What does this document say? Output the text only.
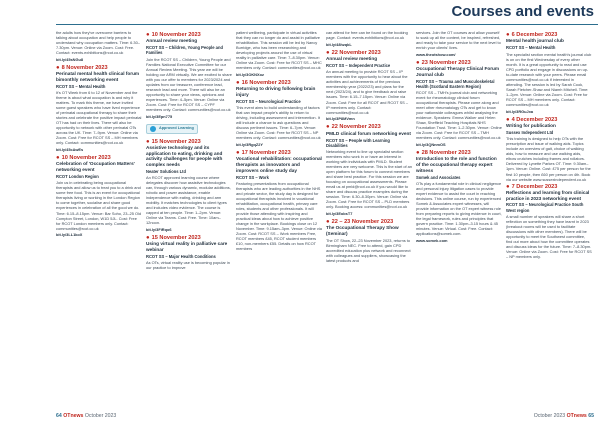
Courses and events
the adults how they've overcome barriers to talking about occupation and help people to understand why occupation matters. Time: 6.30–7.30pm. Venue: Online via Zoom. Cost: Free. Contact: events.exhibitions@rcot.co.uk
bit.ly/45sNGu8
● 8 November 2023
Perinatal mental health clinical forum bimonthly networking event
RCOT SS – Mental Health
It's OT Week from 6 to 12 of November and the theme is about what occupation is and why it matters. To mark this theme, we have invited some guest speakers who have lived experience of perinatal occupational therapy to share their stories and celebrate the positive impact perinatal OT has had on their lives. There will also be opportunity to network with other perinatal OTs across the UK. Time: 7–9pm. Venue: Online via Zoom. Cost: Free for RCOT SS – MH members only. Contact: communities@rcot.co.uk
bit.ly/45cAwEs
● 10 November 2023
Celebration of 'Occupation Matters' networking event
RCOT London Region
Join us in celebrating being occupational therapists and allow us to treat you to a drink and some free food. This is an event for occupational therapists living or working in the London Region to come together, socialise and share good experiences in celebration of all the good we do. Time: 6.15–8.15pm. Venue: Bar Soho, 23–25 Old Compton Street, London, W1D 5JL. Cost: Free for RCOT London members only. Contact: communities@rcot.co.uk
bit.ly/3LL1koX
● 10 November 2023
Annual review meeting
RCOT SS – Children, Young People and Families
Join the RCOT SS – Children, Young People and Families National Executive Committee for our Annual Review Meeting. This year we will be holding our ARM virtually. We are excited to share with you our offer to members for 2023/2024 and updates from our treasurer, conference lead, research lead and more. There will also be an opportunity to share your views, opinions and experiences. Time: 4–5pm. Venue: Online via Zoom. Cost: Free for RCOT SS – CYPF members only. Contact: communities@rcot.co.uk
bit.ly/3Epn775
Approved Learning
● 15 November 2023
Assistive technology and its application to eating, drinking and activity challenges for people with complex needs
Neater Solutions Ltd
An RCOT approved learning course where delegates discover how assistive technologies can, through various dynamic, modular additions, robotic and power assistance, enable independence with eating, drinking and arm mobility. It matches technologies to client types and includes video evidence. The course is capped at ten people. Time: 1–2pm. Venue: Online via Teams. Cost: Free. Time: 10am–12noon.
bit.ly/3FiRqo6
● 15 November 2023
Using virtual reality in palliative care webinar
RCOT SS – Major Health Conditions
As OTs, virtual reality use is becoming popular in our practice to improve
patient wellbeing, participate in virtual activities that they can no longer do and assist in palliative rehabilitation. This session will be led by Nancy Burridge, who has been researching and developing projects around the use of virtual reality in palliative care. Time: 7–8.30pm. Venue: Online via Zoom. Cost: Free for RCOT SS – MHC members only. Contact: communities@rcot.co.uk
bit.ly/3OKNXoz
● 16 November 2023
Returning to driving following brain injury
RCOT SS – Neurological Practice
This event aims to build understanding of factors that can impact people's ability to return to driving, including assessment and intervention. It will include a chance to ask questions and discuss pertinent issues. Time: 6–7pm. Venue: Online via Zoom. Cost: Free for RCOT SS – NP members only. Contact: communities@rcot.co.uk
bit.ly/3RgqZ2Y
● 17 November 2023
Vocational rehabilitation: occupational therapists as innovators and improvers online study day
RCOT SS – Work
Featuring presentations from occupational therapists who are leading authorities in the NHS and private sector, the study day is designed for occupational therapists involved in vocational rehabilitation, occupational health, primary care roles, students and other professionals. It will provide those attending with inspiring and practical ideas about how to achieve positive change in the workplace. Bookings close on 12 November. Time: 9.15am–3pm. Venue: Online via Zoom. Cost: RCOT SS – Work members Free, RCOT members £45, RCOT student members £10, non-members £55. Details on how RCOT members
can attend for free can be found on the booking page. Contact: events.exhibitions@rcot.co.uk
bit.ly/48hzqkL
● 22 November 2023
Annual review meeting
RCOT SS – Independent Practice
An annual meeting to provide RCOT SS – IP members with the opportunity to hear about the activities and achievements of the previous membership year (2022/23) and plans for the next (2023/24), and to give feedback and raise issues. Time: 6.15–7.15pm. Venue: Online via Zoom. Cost: Free for all RCOT and RCOT SS – IP members only. Contact: communities@rcot.co.uk
bit.ly/3P8MVmn
● 22 November 2023
PMLD clinical forum networking event
RCOT SS – People with Learning Disabilities
Networking event to line up specialist section members who work in or have an interest in working with individuals with PMLD. Student members are very welcome. This is the start of an open platform for this forum to connect members and share best practice. For this session we are focusing on occupational assessments. Please email us at pmld@rcot.co.uk if you would like to share and discuss practice examples during the session. Time: 6.30–8.30pm. Venue: Online via Zoom. Cost: Free for RCOT SS – PLD members only. Booking access: communities@rcot.co.uk
bit.ly/3EobsT7
● 22 – 23 November 2023
The Occupational Therapy Show (Seminar)
The OT Show, 22–23 November 2023, returns to Birmingham NEC. Free to attend, gain CPD accredited education plus network and reconnect with colleagues and suppliers, showcasing the latest products and
services. Join the OT courses and allow yourself to soak up all the content, be inspired, refreshed, and ready to take your service to the next level to enrich your clients' lives.
www.theotshow.com/
● 23 November 2023
Occupational Therapy Clinical Forum Journal club
RCOT SS – Trauma and Musculoskeletal Health (Scotland Eastern Region)
RCOT SS – TMH's journal club and networking event for rheumatology clinical forum occupational therapists. Please come along and meet other rheumatology OTs and get to know your nationwide colleagues whilst analysing the evidence. Speakers: Emma Walker and Helen Shaw, Sheffield Teaching Hospitals NHS Foundation Trust. Time: 1–2.30pm. Venue: Online via Zoom. Cost: Free for RCOT SS – TMH members only. Contact: communities@rcot.co.uk
bit.ly/3QNnmOS
● 28 November 2023
Introduction to the role and function of the occupational therapy expert witness
Somek and Associates
OTs play a fundamental role in clinical negligence and personal injury litigation cases to provide expert evidence to assist the court in reaching decisions. This online course, run by experienced Somek & Associates expert witnesses, will provide information on the OT expert witness role from preparing reports to giving evidence in court, the legal framework, rules and principles that govern practice. Time: 1.30pm–3.15 hours & 45 minutes. Venue: Virtual. Cost: Free. Contact: applications@somek.com.
www.somek.com
● 6 December 2023
Mental health journal club
RCOT SS – Mental Health
The specialist section mental health's journal club is on on the first Wednesday of every other month. It is a great opportunity to read and use CPD portfolio and engage in discussions on up-to-date research with your peers. Please email communities@rcot.co.uk if interested in attending. The session is led by Sarah Cook, Sarah Fletcher-Shaw and Niamh Mitchell. Time: 1–2pm. Venue: Online via Zoom. Cost: Free for RCOT SS – MH members only. Contact: communities@rcot.co.uk
bit.ly/3RGuJxa
● 4 December 2023
Writing for publication
Sussex Independent Ltd
This training is designed to help OTs with the prescription and issue of walking aids. Topics include an overview of gait, choice of walking aids, how to measure and use walking aids, elbow crutches including frames and rollators. Delivered by Lynette Parkes OT. Time: 9.30am–1pm. Venue: Online. Cost: £75 per person for the first 10 people, then £60 per person on 4th. Book via our website www.sussexindependent.co.uk
● 7 December 2023
Reflections and learning from clinical practice in 2023 networking event
RCOT SS – Neurological Practice South West region
A small number of speakers will share a short reflection on something they have learnt in 2023 (breakout rooms will be used to facilitate discussions with other members). There will be opportunity to meet the Southwest committee, find out more about how the committee operates and discuss ideas for the future. Time: 7–8.30pm. Venue: Online via Zoom. Cost: Free for RCOT SS – NP members only.
64 OTnews October 2023	October 2023 OTnews 65
